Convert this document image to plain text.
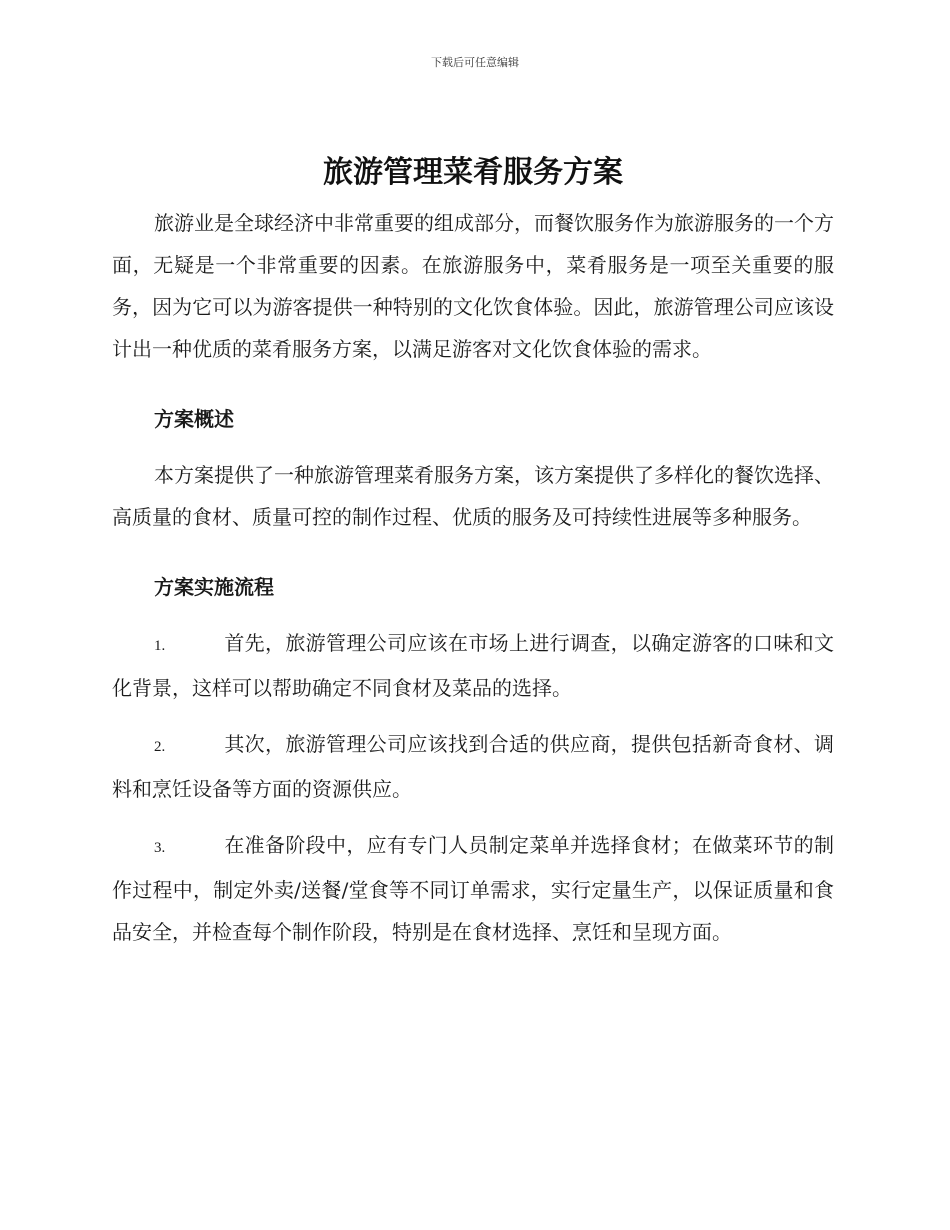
下载后可任意编辑
旅游管理菜肴服务方案

旅游业是全球经济中非常重要的组成部分，而餐饮服务作为旅游服务的一个方面，无疑是一个非常重要的因素。在旅游服务中，菜肴服务是一项至关重要的服务，因为它可以为游客提供一种特别的文化饮食体验。因此，旅游管理公司应该设计出一种优质的菜肴服务方案，以满足游客对文化饮食体验的需求。

方案概述

本方案提供了一种旅游管理菜肴服务方案，该方案提供了多样化的餐饮选择、高质量的食材、质量可控的制作过程、优质的服务及可持续性进展等多种服务。

方案实施流程
1.	首先，旅游管理公司应该在市场上进行调查，以确定游客的口味和文化背景，这样可以帮助确定不同食材及菜品的选择。
2.	其次，旅游管理公司应该找到合适的供应商，提供包括新奇食材、调料和烹饪设备等方面的资源供应。
3.	在准备阶段中，应有专门人员制定菜单并选择食材；在做菜环节的制作过程中，制定外卖/送餐/堂食等不同订单需求，实行定量生产，以保证质量和食品安全，并检查每个制作阶段，特别是在食材选择、烹饪和呈现方面。
